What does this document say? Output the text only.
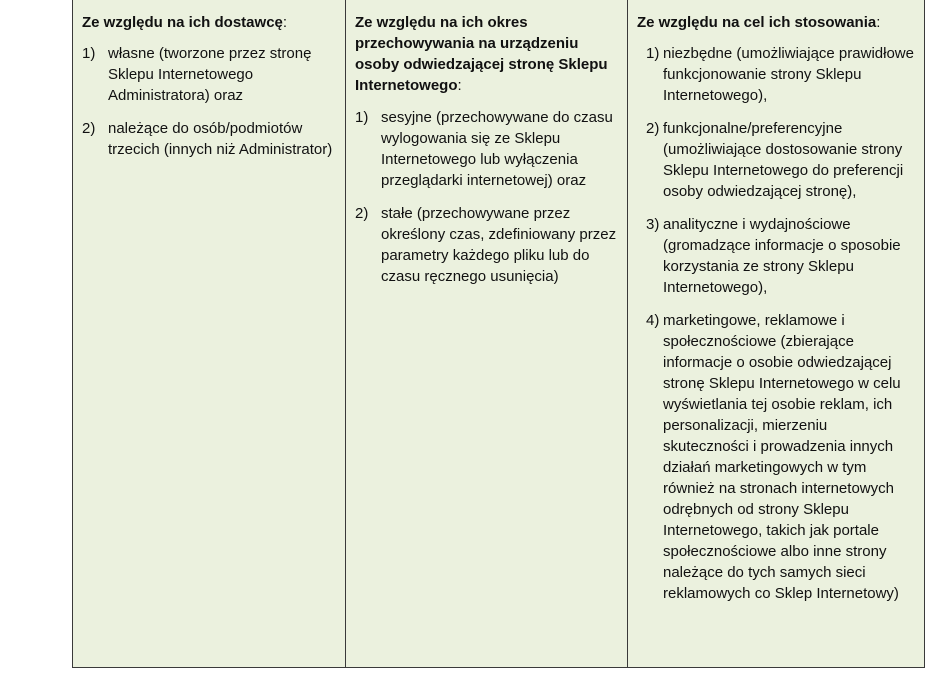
Ze względu na ich dostawcę:

1) własne (tworzone przez stronę Sklepu Internetowego Administratora) oraz
2) należące do osób/podmiotów trzecich (innych niż Administrator)

Ze względu na ich okres przechowywania na urządzeniu osoby odwiedzającej stronę Sklepu Internetowego:

1) sesyjne (przechowywane do czasu wylogowania się ze Sklepu Internetowego lub wyłączenia przeglądarki internetowej) oraz
2) stałe (przechowywane przez określony czas, zdefiniowany przez parametry każdego pliku lub do czasu ręcznego usunięcia)

Ze względu na cel ich stosowania:

1) niezbędne (umożliwiające prawidłowe funkcjonowanie strony Sklepu Internetowego),
2) funkcjonalne/preferencyjne (umożliwiające dostosowanie strony Sklepu Internetowego do preferencji osoby odwiedzającej stronę),
3) analityczne i wydajnościowe (gromadzące informacje o sposobie korzystania ze strony Sklepu Internetowego),
4) marketingowe, reklamowe i społecznościowe (zbierające informacje o osobie odwiedzającej stronę Sklepu Internetowego w celu wyświetlania tej osobie reklam, ich personalizacji, mierzeniu skuteczności i prowadzenia innych działań marketingowych w tym również na stronach internetowych odrębnych od strony Sklepu Internetowego, takich jak portale społecznościowe albo inne strony należące do tych samych sieci reklamowych co Sklep Internetowy)
